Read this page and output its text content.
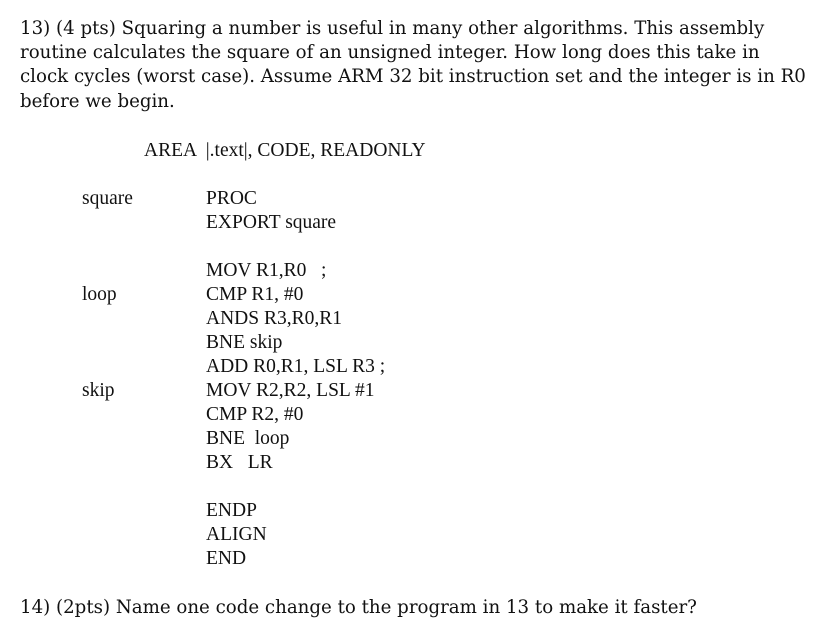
13) (4 pts) Squaring a number is useful in many other algorithms. This assembly routine calculates the square of an unsigned integer. How long does this take in clock cycles (worst case). Assume ARM 32 bit instruction set and the integer is in R0 before we begin.
AREA  |.text|, CODE, READONLY
square	PROC
EXPORT square
MOV R1,R0   ;
loop	CMP R1, #0
ANDS R3,R0,R1
BNE skip
ADD R0,R1, LSL R3 ;
skip	MOV R2,R2, LSL #1
CMP R2, #0
BNE  loop
BX   LR
ENDP
ALIGN
END
14) (2pts) Name one code change to the program in 13 to make it faster?
